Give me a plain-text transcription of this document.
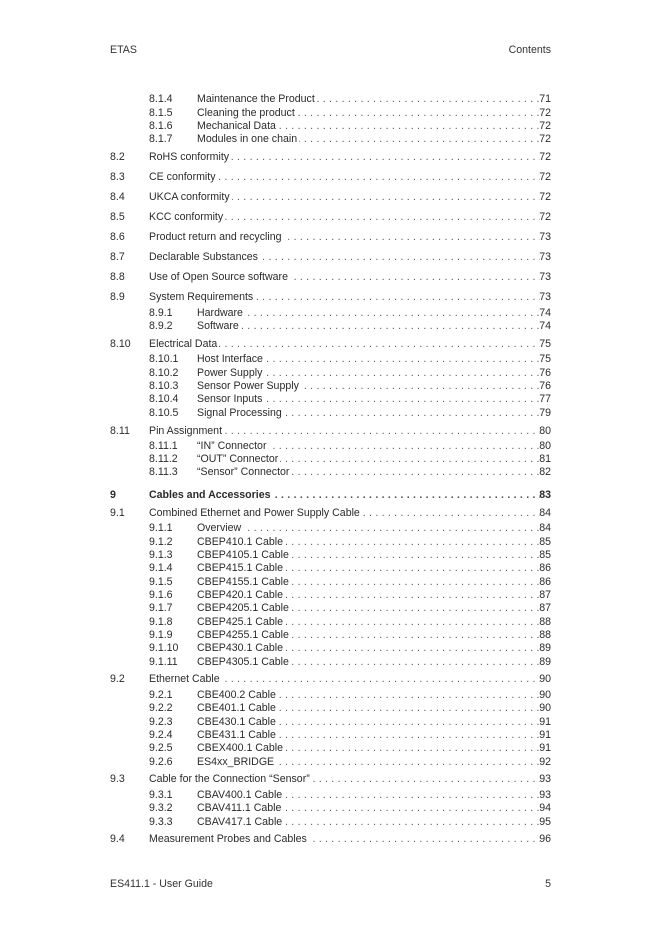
ETAS	Contents
8.1.4 Maintenance the Product . . .	71
8.1.5 Cleaning the product . . .	72
8.1.6 Mechanical Data . . .	72
8.1.7 Modules in one chain . . .	72
8.2 RoHS conformity . . .	72
8.3 CE conformity . . .	72
8.4 UKCA conformity . . .	72
8.5 KCC conformity . . .	72
8.6 Product return and recycling . . .	73
8.7 Declarable Substances . . .	73
8.8 Use of Open Source software . . .	73
8.9 System Requirements . . .	73
8.9.1 Hardware . . .	74
8.9.2 Software . . .	74
8.10 Electrical Data . . .	75
8.10.1 Host Interface . . .	75
8.10.2 Power Supply . . .	76
8.10.3 Sensor Power Supply . . .	76
8.10.4 Sensor Inputs . . .	77
8.10.5 Signal Processing . . .	79
8.11 Pin Assignment . . .	80
8.11.1 “IN” Connector . . .	80
8.11.2 “OUT” Connector . . .	81
8.11.3 “Sensor” Connector . . .	82
9	Cables and Accessories . . .	83
9.1 Combined Ethernet and Power Supply Cable . . .	84
9.1.1 Overview . . .	84
9.1.2 CBEP410.1 Cable . . .	85
9.1.3 CBEP4105.1 Cable . . .	85
9.1.4 CBEP415.1 Cable . . .	86
9.1.5 CBEP4155.1 Cable . . .	86
9.1.6 CBEP420.1 Cable . . .	87
9.1.7 CBEP4205.1 Cable . . .	87
9.1.8 CBEP425.1 Cable . . .	88
9.1.9 CBEP4255.1 Cable . . .	88
9.1.10 CBEP430.1 Cable . . .	89
9.1.11 CBEP4305.1 Cable . . .	89
9.2 Ethernet Cable . . .	90
9.2.1 CBE400.2 Cable . . .	90
9.2.2 CBE401.1 Cable . . .	90
9.2.3 CBE430.1 Cable . . .	91
9.2.4 CBE431.1 Cable . . .	91
9.2.5 CBEX400.1 Cable . . .	91
9.2.6 ES4xx_BRIDGE . . .	92
9.3 Cable for the Connection “Sensor” . . .	93
9.3.1 CBAV400.1 Cable . . .	93
9.3.2 CBAV411.1 Cable . . .	94
9.3.3 CBAV417.1 Cable . . .	95
9.4 Measurement Probes and Cables . . .	96
ES411.1 - User Guide	5
